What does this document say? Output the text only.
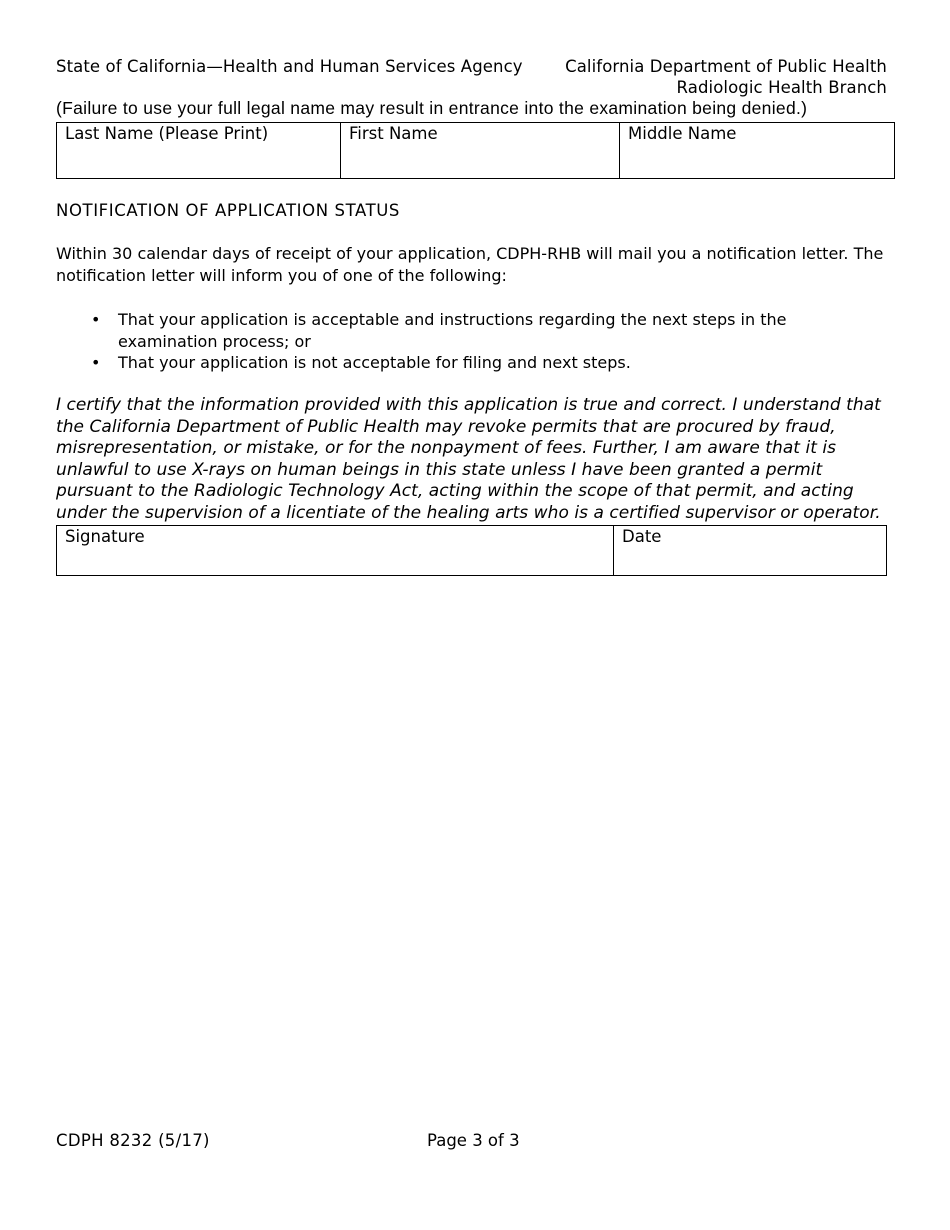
State of California—Health and Human Services Agency	California Department of Public Health
Radiologic Health Branch
(Failure to use your full legal name may result in entrance into the examination being denied.)
Last Name (Please Print)	First Name	Middle Name
NOTIFICATION OF APPLICATION STATUS
Within 30 calendar days of receipt of your application, CDPH-RHB will mail you a notification letter. The notification letter will inform you of one of the following:
• That your application is acceptable and instructions regarding the next steps in the examination process; or
• That your application is not acceptable for filing and next steps.
I certify that the information provided with this application is true and correct. I understand that the California Department of Public Health may revoke permits that are procured by fraud, misrepresentation, or mistake, or for the nonpayment of fees. Further, I am aware that it is unlawful to use X-rays on human beings in this state unless I have been granted a permit pursuant to the Radiologic Technology Act, acting within the scope of that permit, and acting under the supervision of a licentiate of the healing arts who is a certified supervisor or operator.
Signature	Date
CDPH 8232 (5/17)	Page 3 of 3
